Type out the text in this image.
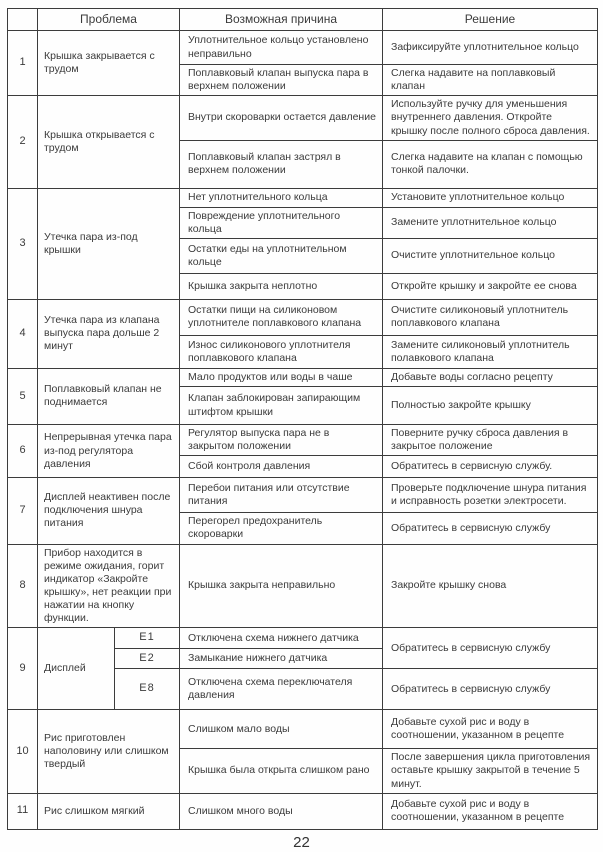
	Проблема		Возможная причина	Решение
1	Крышка закрывается с трудом		Уплотнительное кольцо установлено неправильно	Зафиксируйте уплотнительное кольцо
			Поплавковый клапан выпуска пара в верхнем положении	Слегка надавите на поплавковый клапан
2	Крышка открывается с трудом		Внутри скороварки остается давление	Используйте ручку для уменьшения внутреннего давления. Откройте крышку после полного сброса давления.
			Поплавковый клапан застрял в верхнем положении	Слегка надавите на клапан с помощью тонкой палочки.
3	Утечка пара из-под крышки		Нет уплотнительного кольца	Установите уплотнительное кольцо
			Повреждение уплотнительного кольца	Замените уплотнительное кольцо
			Остатки еды на уплотнительном кольце	Очистите уплотнительное кольцо
			Крышка закрыта неплотно	Откройте крышку и закройте ее снова
4	Утечка пара из клапана выпуска пара дольше 2 минут		Остатки пищи на силиконовом уплотнителе поплавкового клапана	Очистите силиконовый уплотнитель поплавкового клапана
			Износ силиконового уплотнителя поплавкового клапана	Замените силиконовый уплотнитель полавкового клапана
5	Поплавковый клапан не поднимается		Мало продуктов или воды в чаше	Добавьте воды согласно рецепту
			Клапан заблокирован запирающим штифтом крышки	Полностью закройте крышку
6	Непрерывная утечка пара из-под регулятора давления		Регулятор выпуска пара не в закрытом положении	Поверните ручку сброса давления в закрытое положение
			Сбой контроля давления	Обратитесь в сервисную службу.
7	Дисплей неактивен после подключения шнура питания		Перебои питания или отсутствие питания	Проверьте подключение шнура питания и исправность розетки электросети.
			Перегорел предохранитель скороварки	Обратитесь в сервисную службу
8	Прибор находится в режиме ожидания, горит индикатор «Закройте крышку», нет реакции при нажатии на кнопку функции.		Крышка закрыта неправильно	Закройте крышку снова
9	Дисплей	E1	Отключена схема нижнего датчика	Обратитесь в сервисную службу
		E2	Замыкание нижнего датчика	
		E8	Отключена схема переключателя давления	Обратитесь в сервисную службу
10	Рис приготовлен наполовину или слишком твердый		Слишком мало воды	Добавьте сухой рис и воду в соотношении, указанном в рецепте
			Крышка была открыта слишком рано	После завершения цикла приготовления оставьте крышку закрытой в течение 5 минут.
11	Рис слишком мягкий		Слишком много воды	Добавьте сухой рис и воду в соотношении, указанном в рецепте
22
